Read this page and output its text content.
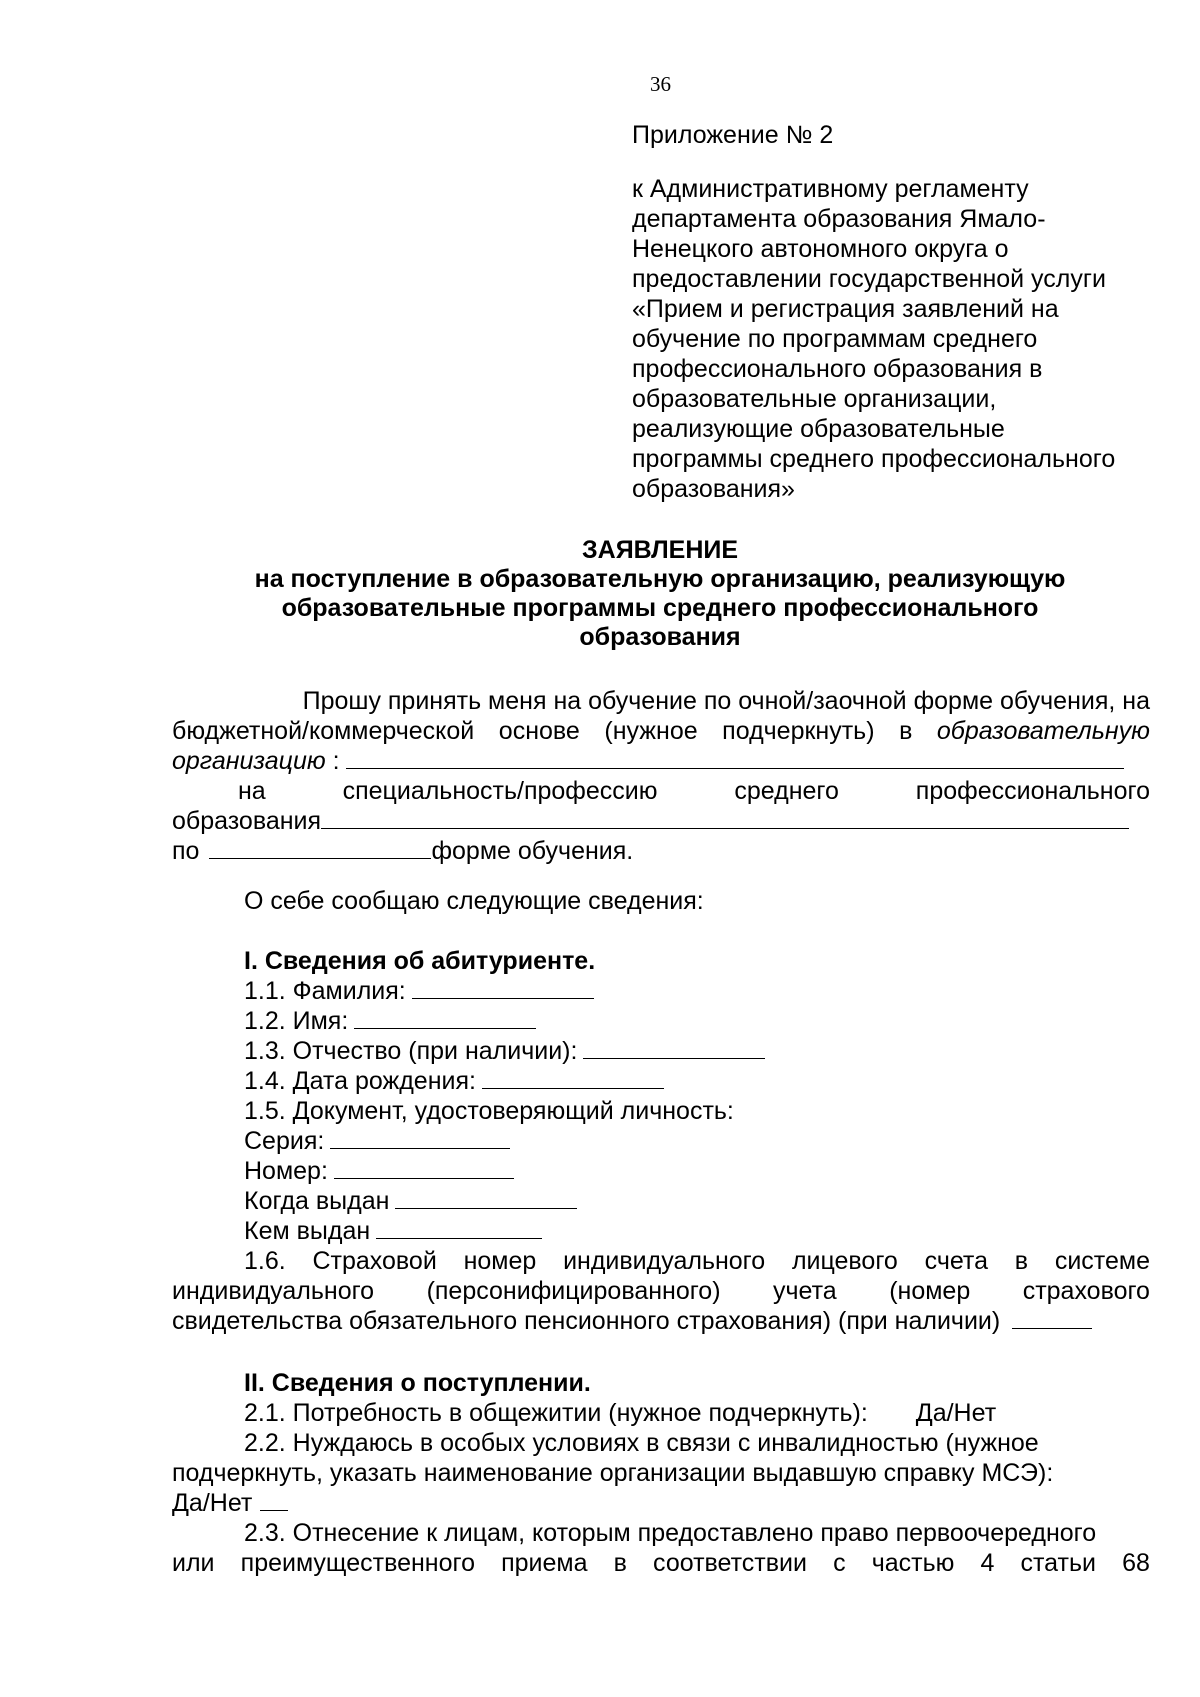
36
Приложение № 2
к Административному регламенту
департамента образования Ямало-
Ненецкого автономного округа о
предоставлении государственной услуги
«Прием и регистрация заявлений на
обучение по программам среднего
профессионального образования в
образовательные организации,
реализующие образовательные
программы среднего профессионального
образования»
ЗАЯВЛЕНИЕ
на поступление в образовательную организацию, реализующую
образовательные программы среднего профессионального
образования
Прошу принять меня на обучение по очной/заочной форме обучения, на
бюджетной/коммерческой основе (нужное подчеркнуть) в образовательную
организацию :
на	специальность/профессию	среднего	профессионального
образования
по	форме обучения.
О себе сообщаю следующие сведения:
I. Сведения об абитуриенте.
1.1. Фамилия:
1.2. Имя:
1.3. Отчество (при наличии):
1.4. Дата рождения:
1.5. Документ, удостоверяющий личность:
Серия:
Номер:
Когда выдан
Кем выдан
1.6. Страховой номер индивидуального лицевого счета в системе
индивидуального (персонифицированного) учета (номер страхового
свидетельства обязательного пенсионного страхования) (при наличии)
II. Сведения о поступлении.
2.1. Потребность в общежитии (нужное подчеркнуть): Да/Нет
2.2. Нуждаюсь в особых условиях в связи с инвалидностью (нужное
подчеркнуть, указать наименование организации выдавшую справку МСЭ):
Да/Нет
2.3. Отнесение к лицам, которым предоставлено право первоочередного
или преимущественного приема в соответствии с частью 4 статьи 68
